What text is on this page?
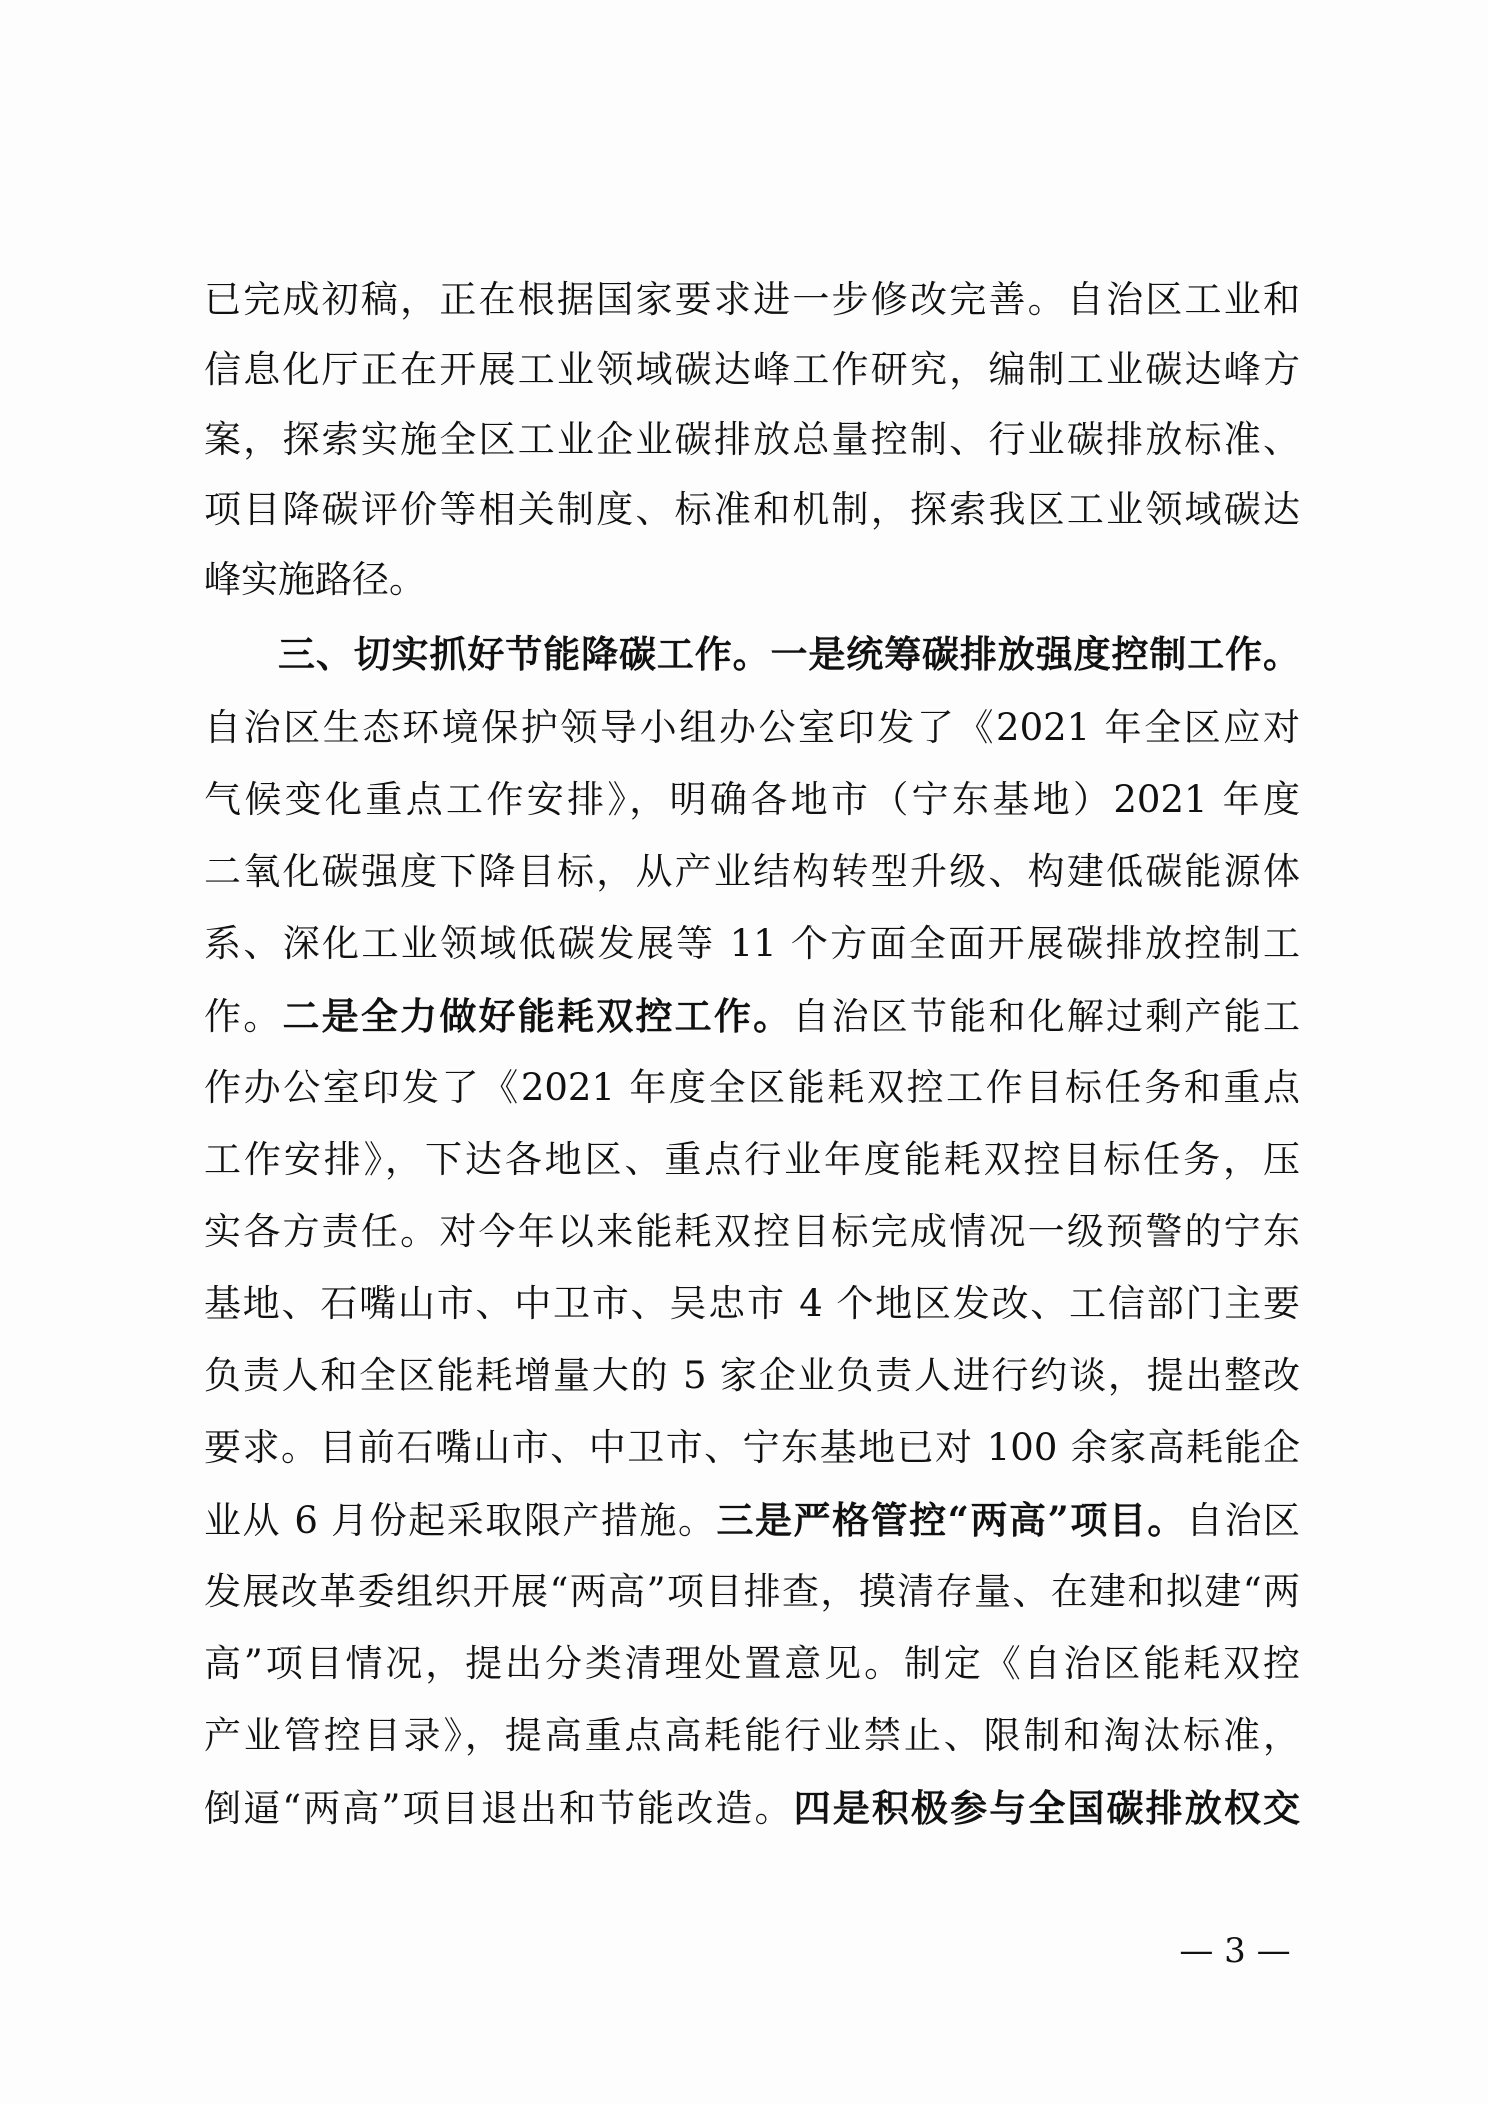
已完成初稿，正在根据国家要求进一步修改完善。自治区工业和
信息化厅正在开展工业领域碳达峰工作研究，编制工业碳达峰方
案，探索实施全区工业企业碳排放总量控制、行业碳排放标准、
项目降碳评价等相关制度、标准和机制，探索我区工业领域碳达
峰实施路径。
三、切实抓好节能降碳工作。一是统筹碳排放强度控制工作。
自治区生态环境保护领导小组办公室印发了《2021 年全区应对
气候变化重点工作安排》，明确各地市（宁东基地）2021 年度
二氧化碳强度下降目标，从产业结构转型升级、构建低碳能源体
系、深化工业领域低碳发展等 11 个方面全面开展碳排放控制工
作。二是全力做好能耗双控工作。自治区节能和化解过剩产能工
作办公室印发了《2021 年度全区能耗双控工作目标任务和重点
工作安排》，下达各地区、重点行业年度能耗双控目标任务，压
实各方责任。对今年以来能耗双控目标完成情况一级预警的宁东
基地、石嘴山市、中卫市、吴忠市 4 个地区发改、工信部门主要
负责人和全区能耗增量大的 5 家企业负责人进行约谈，提出整改
要求。目前石嘴山市、中卫市、宁东基地已对 100 余家高耗能企
业从 6 月份起采取限产措施。三是严格管控“两高”项目。自治区
发展改革委组织开展“两高”项目排查，摸清存量、在建和拟建“两
高”项目情况，提出分类清理处置意见。制定《自治区能耗双控
产业管控目录》，提高重点高耗能行业禁止、限制和淘汰标准，
倒逼“两高”项目退出和节能改造。四是积极参与全国碳排放权交
— 3 —
